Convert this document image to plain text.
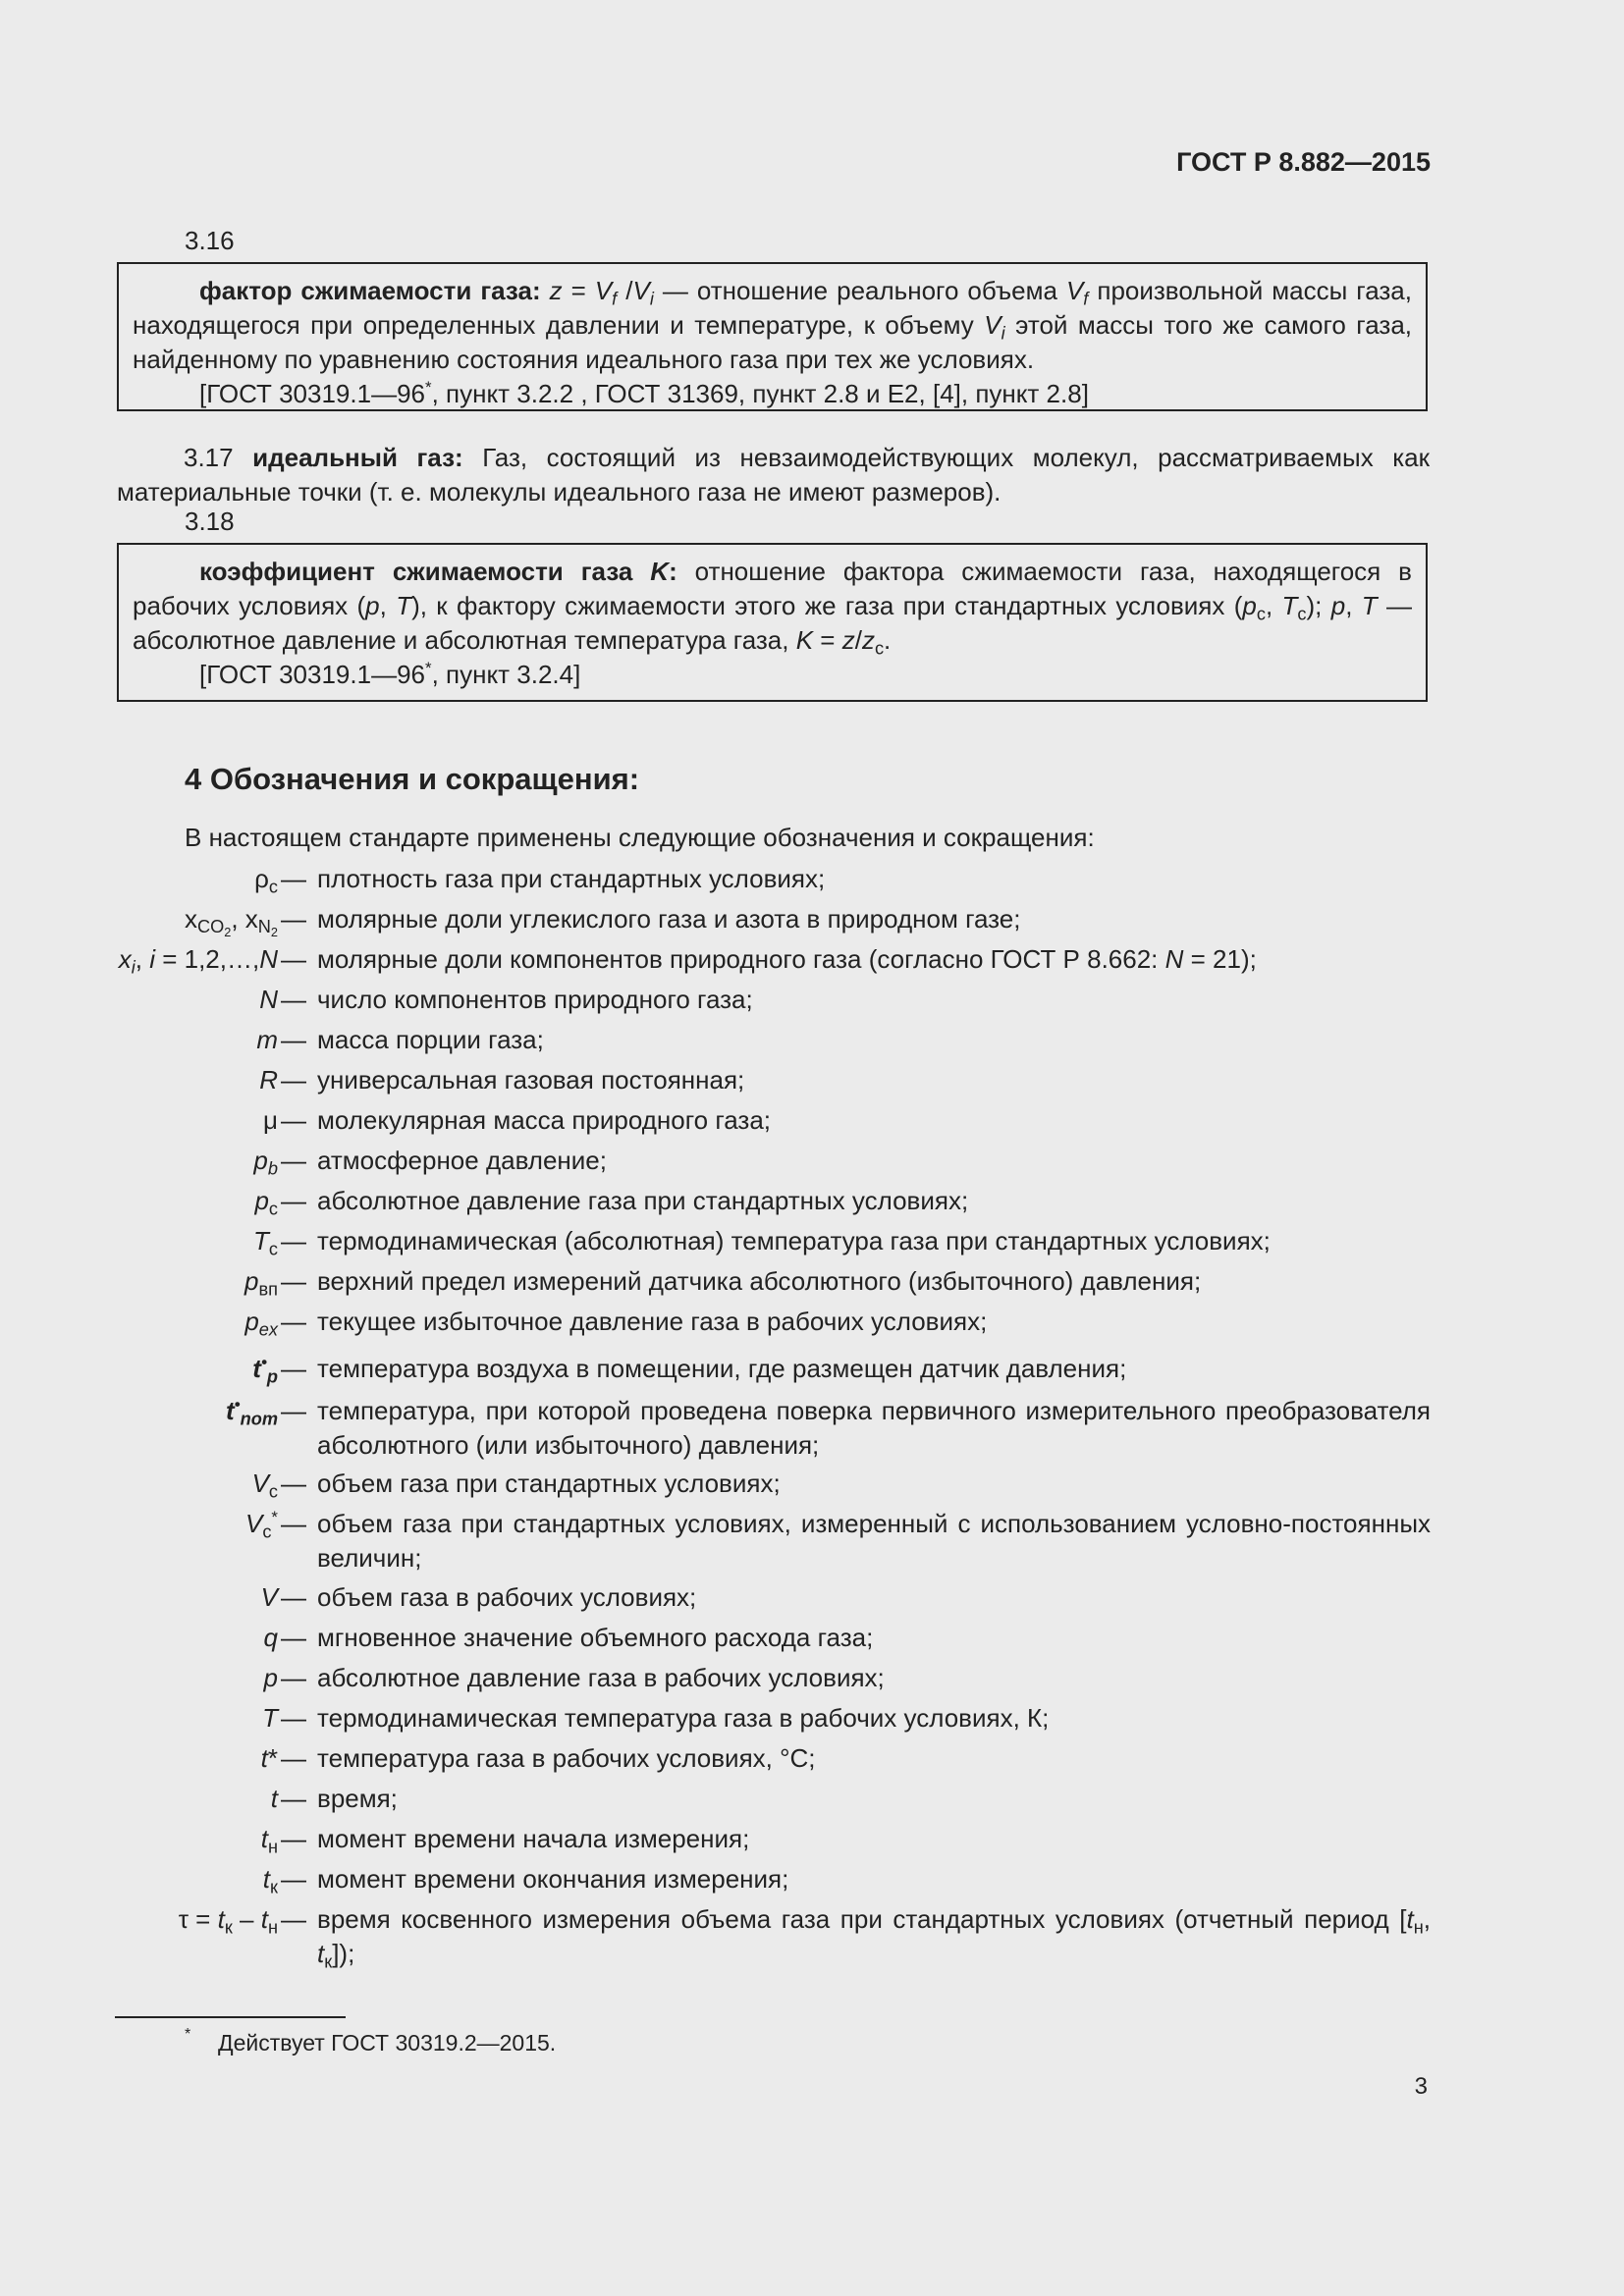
ГОСТ Р 8.882—2015
3.16

фактор сжимаемости газа: $z = V_f$ $/V_i$ — отношение реального объема $V_f$ произвольной массы газа, находящегося при определенных давлении и температуре, к объему $V_i$ этой массы того же самого газа, найденному по уравнению состояния идеального газа при тех же условиях.

[ГОСТ 30319.1—96*, пункт 3.2.2 , ГОСТ 31369, пункт 2.8 и Е2, [4], пункт 2.8]

3.17 идеальный газ: Газ, состоящий из невзаимодействующих молекул, рассматриваемых как материальные точки (т. е. молекулы идеального газа не имеют размеров).

3.18

коэффициент сжимаемости газа K: отношение фактора сжимаемости газа, находящегося в рабочих условиях (p, T), к фактору сжимаемости этого же газа при стандартных условиях ($p_с$, $T_с$); p, T — абсолютное давление и абсолютная температура газа, $K = z/z_с$.

[ГОСТ 30319.1—96*, пункт 3.2.4]

4 Обозначения и сокращения:
В настоящем стандарте применены следующие обозначения и сокращения:
$\rho_с$ — плотность газа при стандартных условиях;
$x_{CO_2}$, $x_{N_2}$ — молярные доли углекислого газа и азота в природном газе;
$x_i$, i = 1,2,…,N — молярные доли компонентов природного газа (согласно ГОСТ Р 8.662: N = 21);
N — число компонентов природного газа;
m — масса порции газа;
R — универсальная газовая постоянная;
μ — молекулярная масса природного газа;
$p_b$ — атмосферное давление;
$p_с$ — абсолютное давление газа при стандартных условиях;
$Т_с$ — термодинамическая (абсолютная) температура газа при стандартных условиях;
$p_{вп}$ — верхний предел измерений датчика абсолютного (избыточного) давления;
$p_{ex}$ — текущее избыточное давление газа в рабочих условиях;
$t^•_p$ — температура воздуха в помещении, где размещен датчик давления;
$t^•_{nom}$ — температура, при которой проведена поверка первичного измерительного преобразователя абсолютного (или избыточного) давления;
$V_с$ — объем газа при стандартных условиях;
$V_с^*$ — объем газа при стандартных условиях, измеренный с использованием условно-постоянных величин;
V — объем газа в рабочих условиях;
q — мгновенное значение объемного расхода газа;
p — абсолютное давление газа в рабочих условиях;
T — термодинамическая температура газа в рабочих условиях, К;
t* — температура газа в рабочих условиях, °С;
t — время;
$t_н$ — момент времени начала измерения;
$t_к$ — момент времени окончания измерения;
$\tau = t_к - t_н$ — время косвенного измерения объема газа при стандартных условиях (отчетный период [$t_н$, $t_к$]);
* Действует ГОСТ 30319.2—2015.
3
